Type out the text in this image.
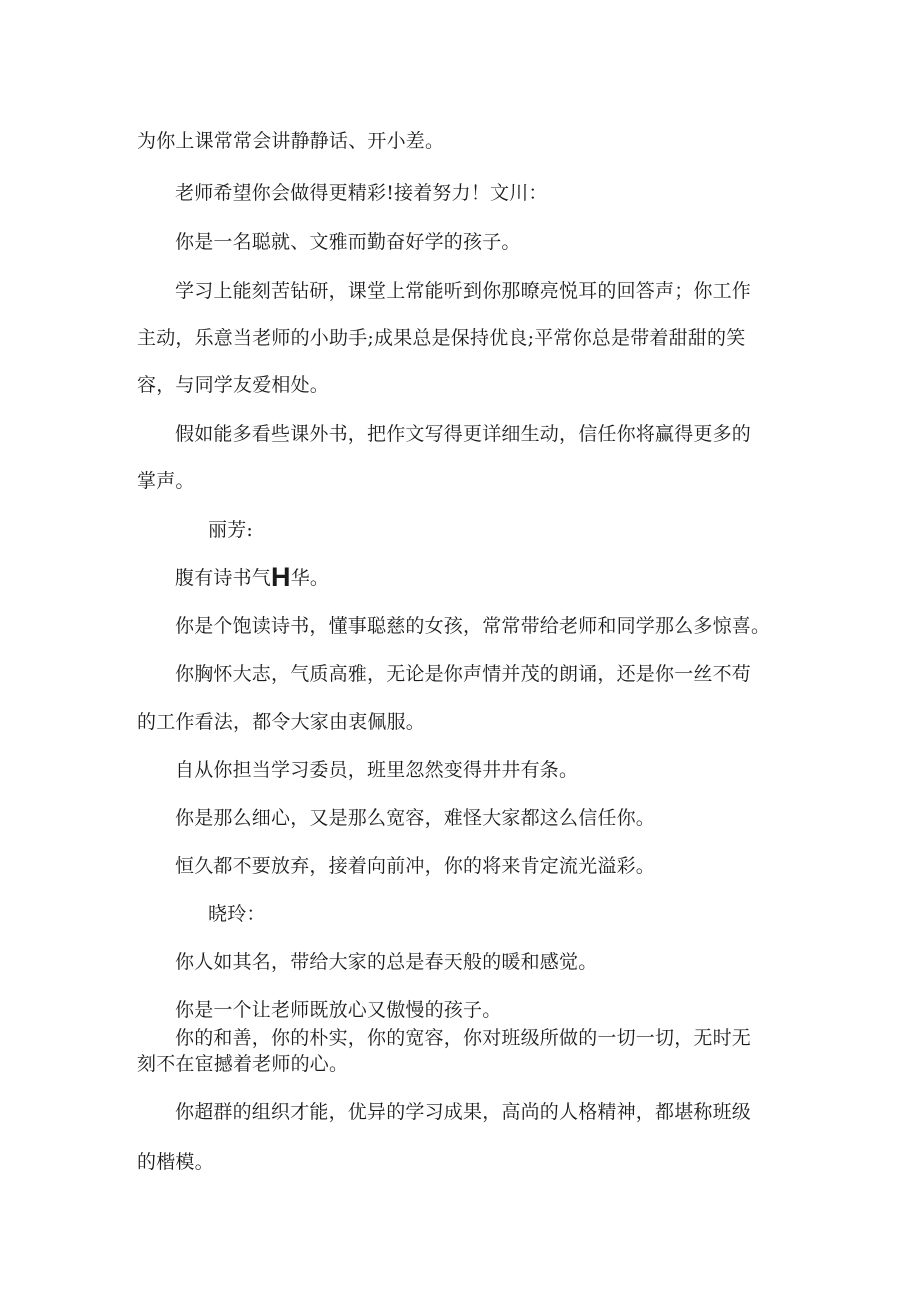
为你上课常常会讲静静话、开小差。
老师希望你会做得更精彩!接着努力！文川：
你是一名聪就、文雅而勤奋好学的孩子。
学习上能刻苦钻研，课堂上常能听到你那暸亮悦耳的回答声；你工作
主动，乐意当老师的小助手;成果总是保持优良;平常你总是带着甜甜的笑
容，与同学友爱相处。
假如能多看些课外书，把作文写得更详细生动，信任你将赢得更多的
掌声。
丽芳:
腹有诗书气H华。
你是个饱读诗书，懂事聪慈的女孩，常常带给老师和同学那么多惊喜。
你胸怀大志，气质高雅，无论是你声情并茂的朗诵，还是你一丝不苟
的工作看法，都令大家由衷佩服。
自从你担当学习委员，班里忽然变得井井有条。
你是那么细心，又是那么宽容，难怪大家都这么信任你。
恒久都不要放弃，接着向前冲，你的将来肯定流光溢彩。
晓玲：
你人如其名，带给大家的总是春天般的暖和感觉。
你是一个让老师既放心又傲慢的孩子。
你的和善，你的朴实，你的宽容，你对班级所做的一切一切，无时无
刻不在宦撼着老师的心。
你超群的组织才能，优异的学习成果，高尚的人格精神，都堪称班级
的楷模。
